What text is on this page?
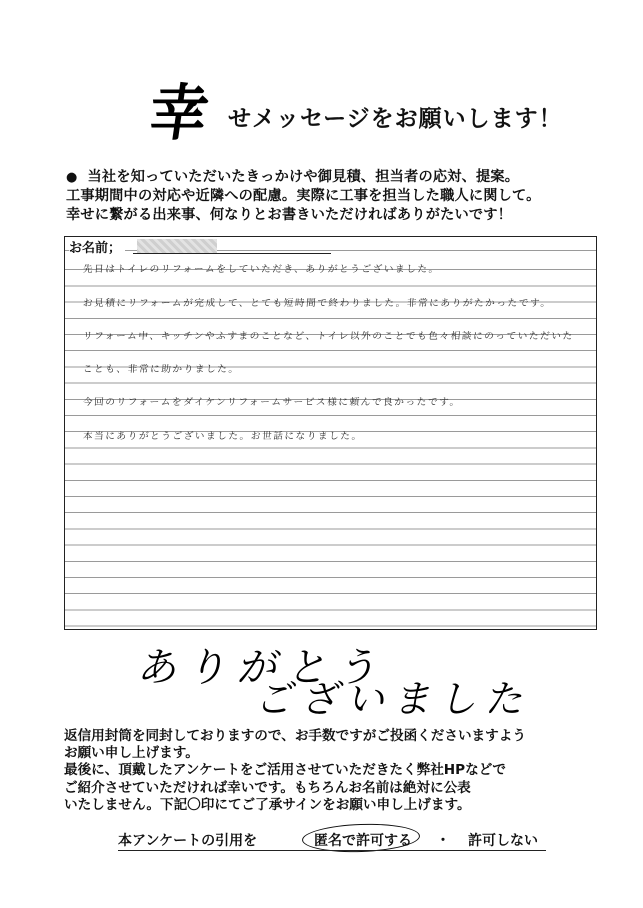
幸 せメッセージをお願いします！
● 当社を知っていただいたきっかけや御見積、担当者の応対、提案。
工事期間中の対応や近隣への配慮。実際に工事を担当した職人に関して。
幸せに繋がる出来事、何なりとお書きいただければありがたいです！
お名前；
先日はトイレのリフォームをしていただき、ありがとうございました。
お見積にリフォームが完成して、とても短時間で終わりました。非常にありがたかったです。
リフォーム中、キッチンやふすまのことなど、トイレ以外のことでも色々相談にのっていただいた
ことも、非常に助かりました。
今回のリフォームをダイケンリフォームサービス様に頼んで良かったです。
本当にありがとうございました。お世話になりました。
ありがとう
ございました
返信用封筒を同封しておりますので、お手数ですがご投函くださいますよう
お願い申し上げます。
最後に、頂戴したアンケートをご活用させていただきたく弊社HPなどで
ご紹介させていただければ幸いです。もちろんお名前は絶対に公表
いたしません。下記〇印にてご了承サインをお願い申し上げます。
本アンケートの引用を	匿名で許可する ・ 許可しない
